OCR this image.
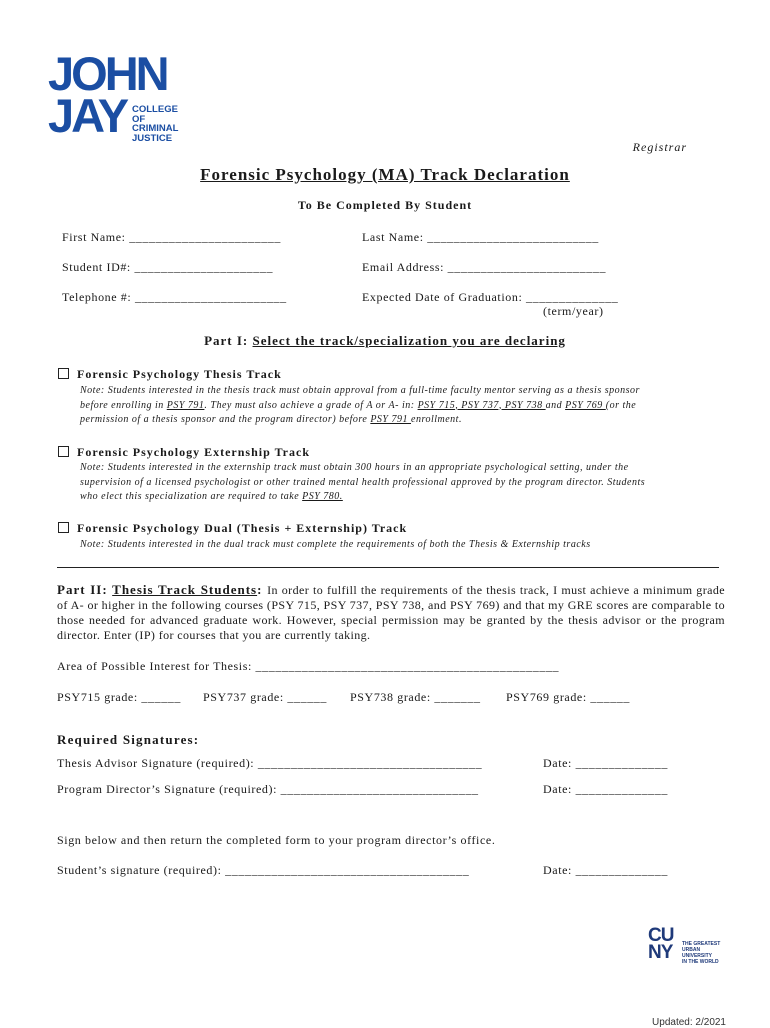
JOHN
JAY COLLEGE
OF
CRIMINAL
JUSTICE
Registrar
Forensic Psychology (MA) Track Declaration
To Be Completed By Student
First Name: _______________________	Last Name: __________________________
Student ID#: _____________________	Email Address: ________________________
Telephone #: _______________________	Expected Date of Graduation: ______________
(term/year)
Part I: Select the track/specialization you are declaring
Forensic Psychology Thesis Track
Note: Students interested in the thesis track must obtain approval from a full-time faculty mentor serving as a thesis sponsor
before enrolling in PSY 791. They must also achieve a grade of A or A- in: PSY 715, PSY 737, PSY 738 and PSY 769 (or the
permission of a thesis sponsor and the program director) before PSY 791 enrollment.
Forensic Psychology Externship Track
Note: Students interested in the externship track must obtain 300 hours in an appropriate psychological setting, under the
supervision of a licensed psychologist or other trained mental health professional approved by the program director. Students
who elect this specialization are required to take PSY 780.
Forensic Psychology Dual (Thesis + Externship) Track
Note: Students interested in the dual track must complete the requirements of both the Thesis & Externship tracks
Part II: Thesis Track Students: In order to fulfill the requirements of the thesis track, I must achieve a minimum grade of A- or higher in the following courses (PSY 715, PSY 737, PSY 738, and PSY 769) and that my GRE scores are comparable to those needed for advanced graduate work. However, special permission may be granted by the thesis advisor or the program director. Enter (IP) for courses that you are currently taking.
Area of Possible Interest for Thesis: ______________________________________________
PSY715 grade: ______ PSY737 grade: ______ PSY738 grade: _______ PSY769 grade: ______
Required Signatures:
Thesis Advisor Signature (required): __________________________________	Date: ______________
Program Director’s Signature (required): ______________________________	Date: ______________
Sign below and then return the completed form to your program director’s office.
Student’s signature (required): _____________________________________	Date: ______________
CU
NY THE GREATEST
URBAN UNIVERSITY
IN THE WORLD
Updated: 2/2021
